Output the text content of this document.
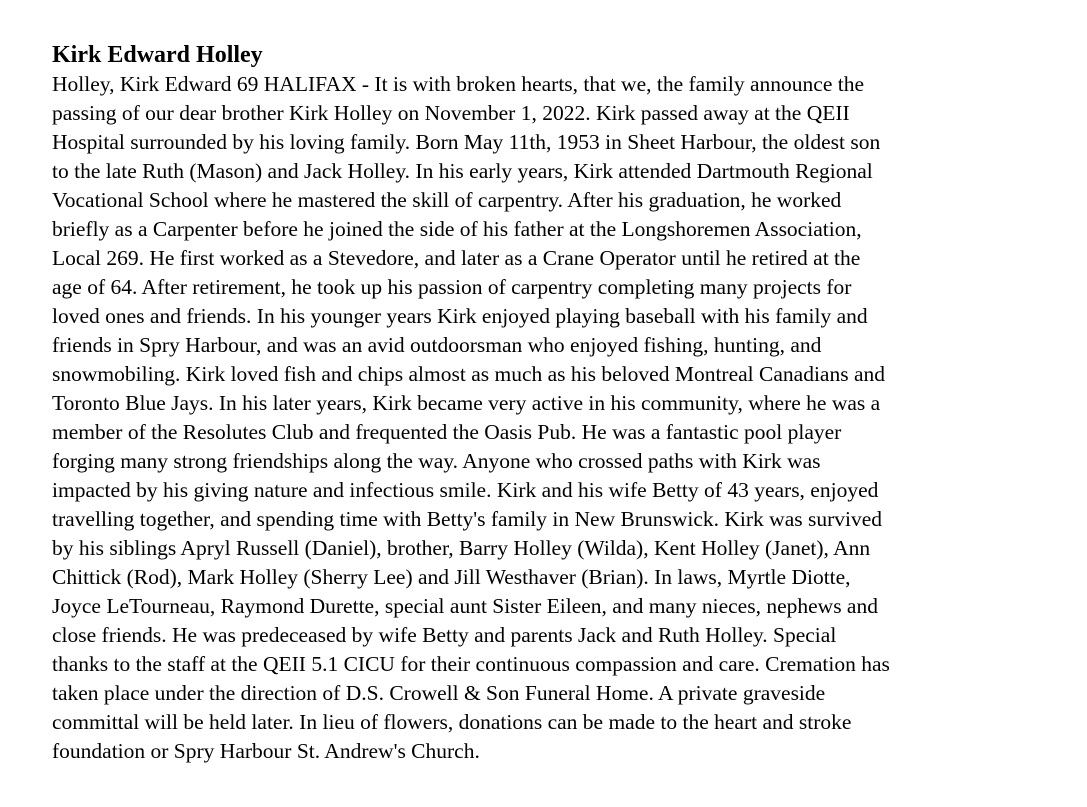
Kirk Edward Holley
Holley, Kirk Edward 69 HALIFAX - It is with broken hearts, that we, the family announce the
passing of our dear brother Kirk Holley on November 1, 2022. Kirk passed away at the QEII
Hospital surrounded by his loving family. Born May 11th, 1953 in Sheet Harbour, the oldest son
to the late Ruth (Mason) and Jack Holley. In his early years, Kirk attended Dartmouth Regional
Vocational School where he mastered the skill of carpentry. After his graduation, he worked
briefly as a Carpenter before he joined the side of his father at the Longshoremen Association,
Local 269. He first worked as a Stevedore, and later as a Crane Operator until he retired at the
age of 64. After retirement, he took up his passion of carpentry completing many projects for
loved ones and friends. In his younger years Kirk enjoyed playing baseball with his family and
friends in Spry Harbour, and was an avid outdoorsman who enjoyed fishing, hunting, and
snowmobiling. Kirk loved fish and chips almost as much as his beloved Montreal Canadians and
Toronto Blue Jays. In his later years, Kirk became very active in his community, where he was a
member of the Resolutes Club and frequented the Oasis Pub. He was a fantastic pool player
forging many strong friendships along the way. Anyone who crossed paths with Kirk was
impacted by his giving nature and infectious smile. Kirk and his wife Betty of 43 years, enjoyed
travelling together, and spending time with Betty's family in New Brunswick. Kirk was survived
by his siblings Apryl Russell (Daniel), brother, Barry Holley (Wilda), Kent Holley (Janet), Ann
Chittick (Rod), Mark Holley (Sherry Lee) and Jill Westhaver (Brian). In laws, Myrtle Diotte,
Joyce LeTourneau, Raymond Durette, special aunt Sister Eileen, and many nieces, nephews and
close friends. He was predeceased by wife Betty and parents Jack and Ruth Holley. Special
thanks to the staff at the QEII 5.1 CICU for their continuous compassion and care. Cremation has
taken place under the direction of D.S. Crowell & Son Funeral Home. A private graveside
committal will be held later. In lieu of flowers, donations can be made to the heart and stroke
foundation or Spry Harbour St. Andrew's Church.
